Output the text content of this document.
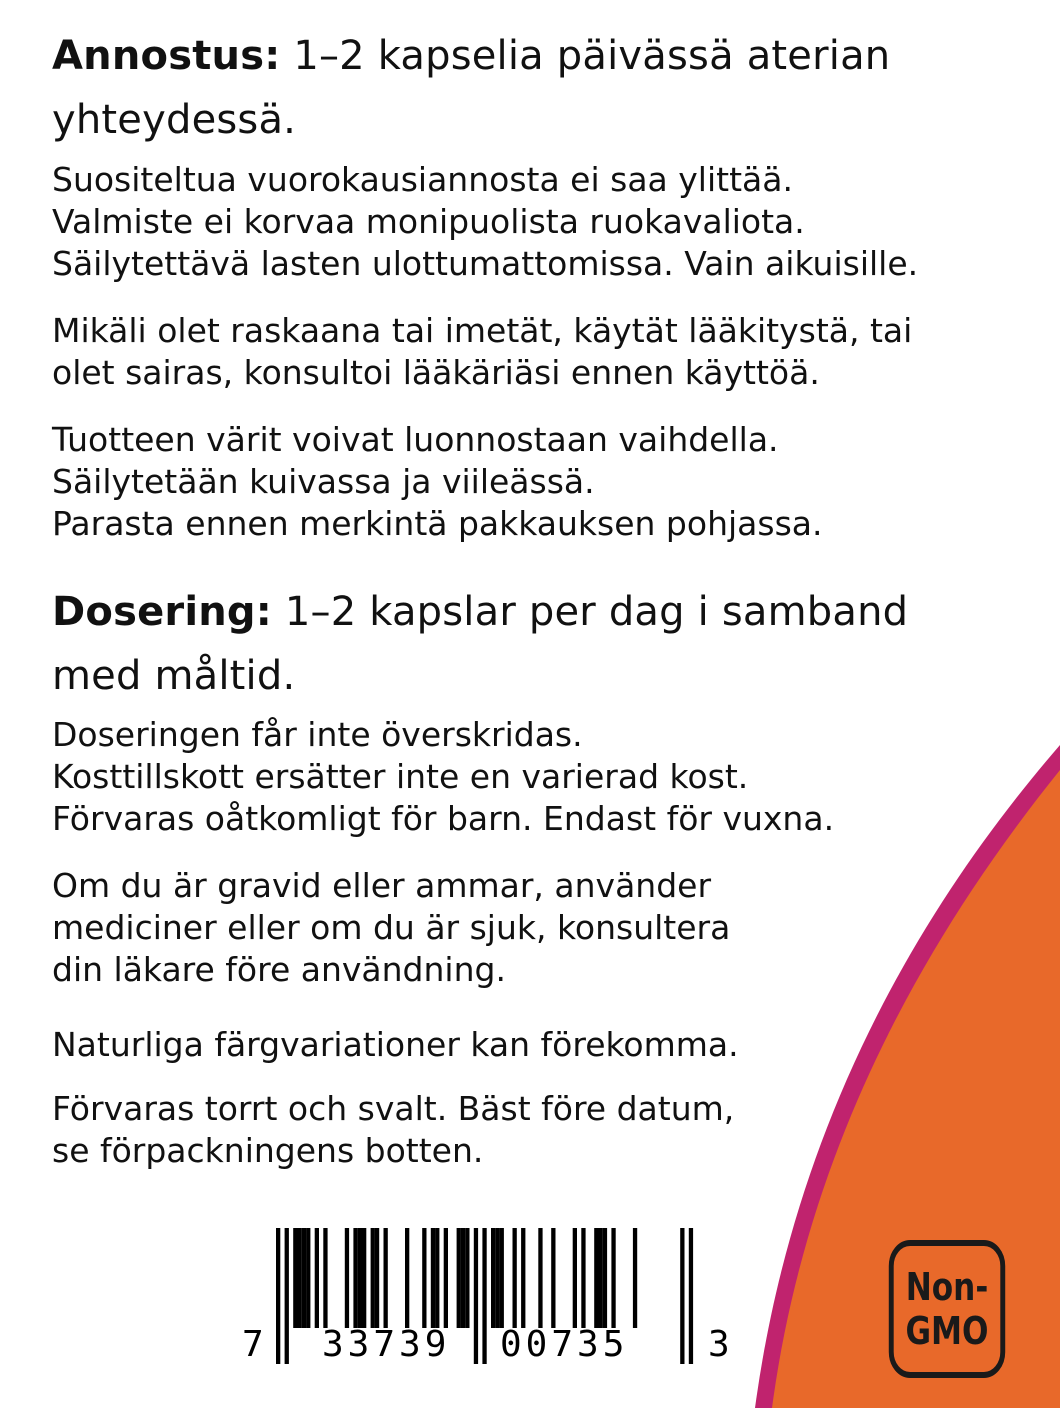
Annostus: 1–2 kapselia päivässä aterian

yhteydessä.

Suositeltua vuorokausiannosta ei saa ylittää.
Valmiste ei korvaa monipuolista ruokavaliota.
Säilytettävä lasten ulottumattomissa. Vain aikuisille.

Mikäli olet raskaana tai imetät, käytät lääkitystä, tai
olet sairas, konsultoi lääkäriäsi ennen käyttöä.

Tuotteen värit voivat luonnostaan vaihdella.
Säilytetään kuivassa ja viileässä.
Parasta ennen merkintä pakkauksen pohjassa.

Dosering: 1–2 kapslar per dag i samband

med måltid.

Doseringen får inte överskridas.
Kosttillskott ersätter inte en varierad kost.
Förvaras oåtkomligt för barn. Endast för vuxna.

Om du är gravid eller ammar, använder
mediciner eller om du är sjuk, konsultera
din läkare före användning.

Naturliga färgvariationer kan förekomma.

Förvaras torrt och svalt. Bäst före datum,
se förpackningens botten.

7 33739 00735 3
Non-
GMO
